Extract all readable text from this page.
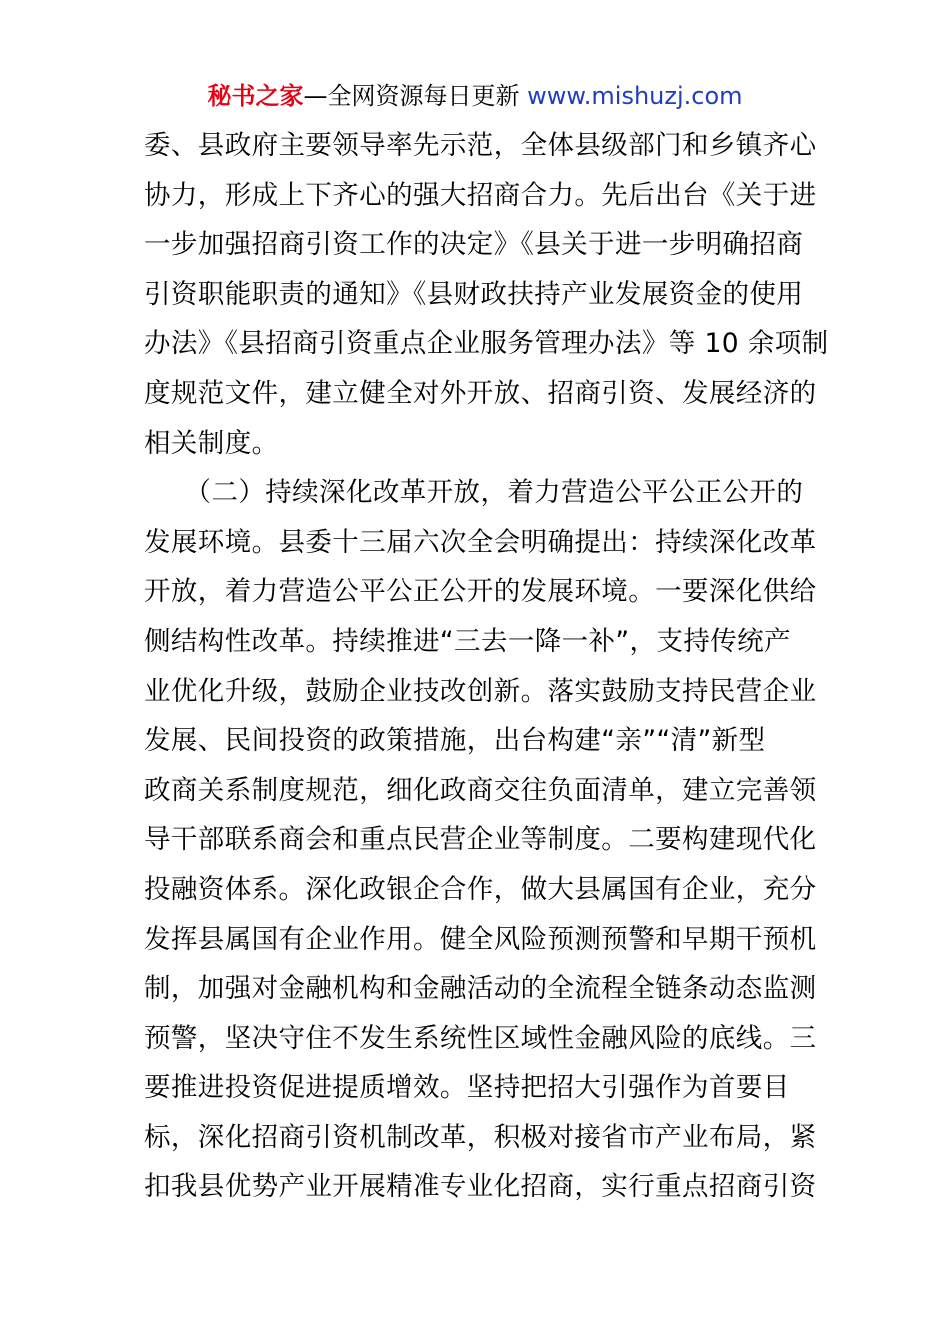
秘书之家—全网资源每日更新 www.mishuzj.com
委、县政府主要领导率先示范，全体县级部门和乡镇齐心
协力，形成上下齐心的强大招商合力。先后出台《关于进
一步加强招商引资工作的决定》《县关于进一步明确招商
引资职能职责的通知》《县财政扶持产业发展资金的使用
办法》《县招商引资重点企业服务管理办法》等 10 余项制
度规范文件，建立健全对外开放、招商引资、发展经济的
相关制度。
　　（二）持续深化改革开放，着力营造公平公正公开的
发展环境。县委十三届六次全会明确提出：持续深化改革
开放，着力营造公平公正公开的发展环境。一要深化供给
侧结构性改革。持续推进“三去一降一补”，支持传统产
业优化升级，鼓励企业技改创新。落实鼓励支持民营企业
发展、民间投资的政策措施，出台构建“亲”“清”新型
政商关系制度规范，细化政商交往负面清单，建立完善领
导干部联系商会和重点民营企业等制度。二要构建现代化
投融资体系。深化政银企合作，做大县属国有企业，充分
发挥县属国有企业作用。健全风险预测预警和早期干预机
制，加强对金融机构和金融活动的全流程全链条动态监测
预警，坚决守住不发生系统性区域性金融风险的底线。三
要推进投资促进提质增效。坚持把招大引强作为首要目
标，深化招商引资机制改革，积极对接省市产业布局，紧
扣我县优势产业开展精准专业化招商，实行重点招商引资
